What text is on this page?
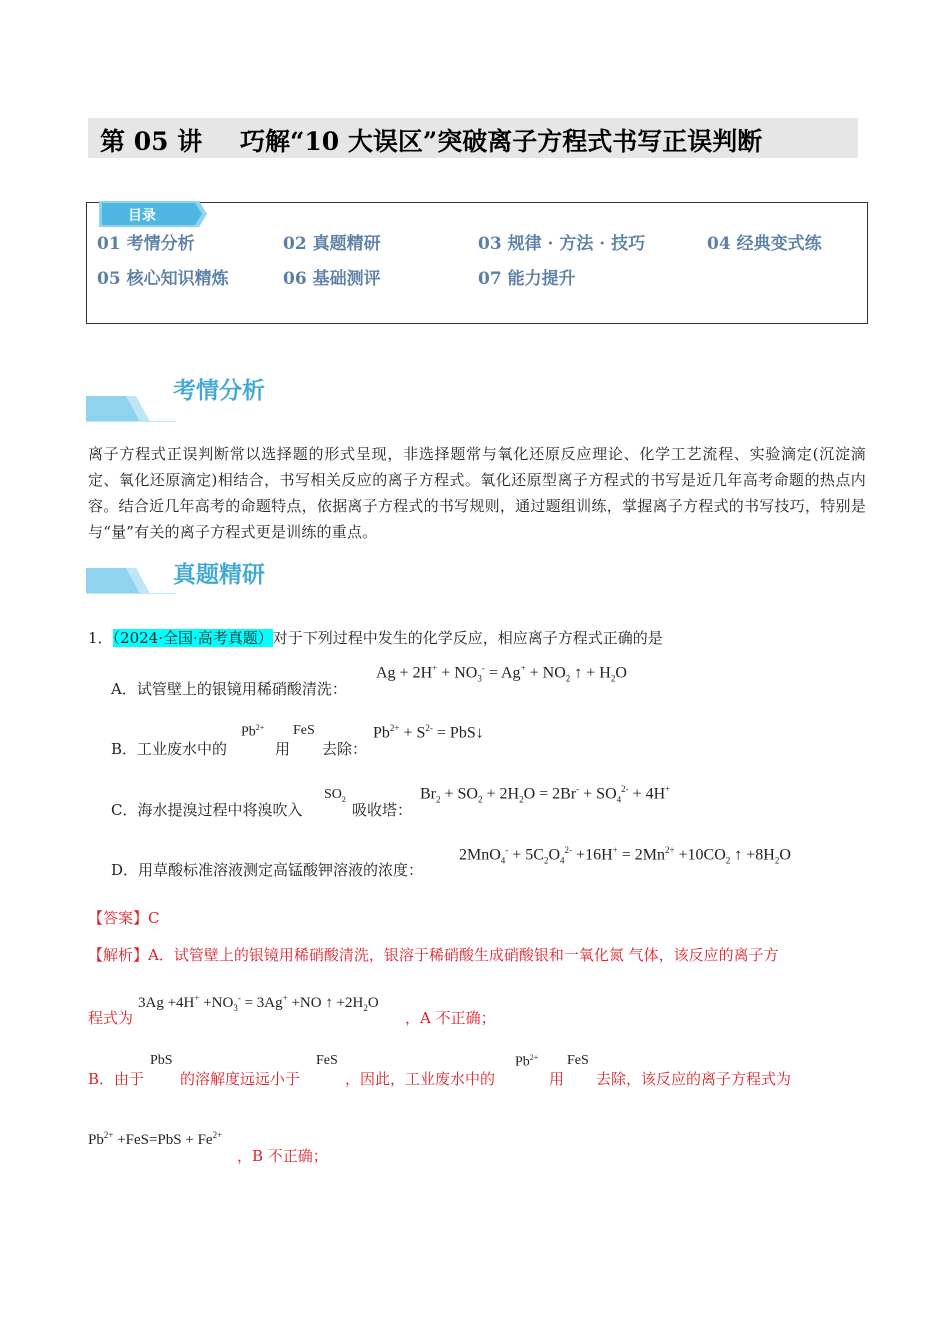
第 05 讲 巧解“10 大误区”突破离子方程式书写正误判断
目录
01 考情分析	02 真题精研	03 规律 · 方法 · 技巧	04 经典变式练
05 核心知识精炼	06 基础测评	07 能力提升
考情分析
离子方程式正误判断常以选择题的形式呈现，非选择题常与氧化还原反应理论、化学工艺流程、实验滴定(沉淀滴定、氧化还原滴定)相结合，书写相关反应的离子方程式。氧化还原型离子方程式的书写是近几年高考命题的热点内容。结合近几年高考的命题特点，依据离子方程式的书写规则，通过题组训练，掌握离子方程式的书写技巧，特别是与“量”有关的离子方程式更是训练的重点。
真题精研
1．（2024·全国·高考真题）对于下列过程中发生的化学反应，相应离子方程式正确的是
A．试管壁上的银镜用稀硝酸清洗：
$Ag + 2H^+ + NO_3^- = Ag^+ + NO_2$ ↑ + $H_2O$
B．工业废水中的
$Pb^{2+}$
用
FeS
去除：
$Pb^{2+} + S^{2-}$ = PbS↓
C．海水提溴过程中将溴吹入
$SO_2$
吸收塔：
$Br_2 + SO_2 + 2H_2O = 2Br^- + SO_4^{2-} + 4H^+$
D．用草酸标准溶液测定高锰酸钾溶液的浓度：
$2MnO_4^- + 5C_2O_4^{2-} +16H^+ = 2Mn^{2+} +10CO_2$ ↑ $+8H_2O$
【答案】C
【解析】A．试管壁上的银镜用稀硝酸清洗，银溶于稀硝酸生成硝酸银和一氧化氮 气体，该反应的离子方
程式为
$3Ag +4H^+ +NO_3^- = 3Ag^+ +NO$ ↑ $+2H_2O$
，A 不正确；
B．由于
PbS
的溶解度远远小于
FeS
，因此，工业废水中的
$Pb^{2+}$
用
FeS
去除，该反应的离子方程式为
$Pb^{2+} +FeS=PbS + Fe^{2+}$
，B 不正确；
